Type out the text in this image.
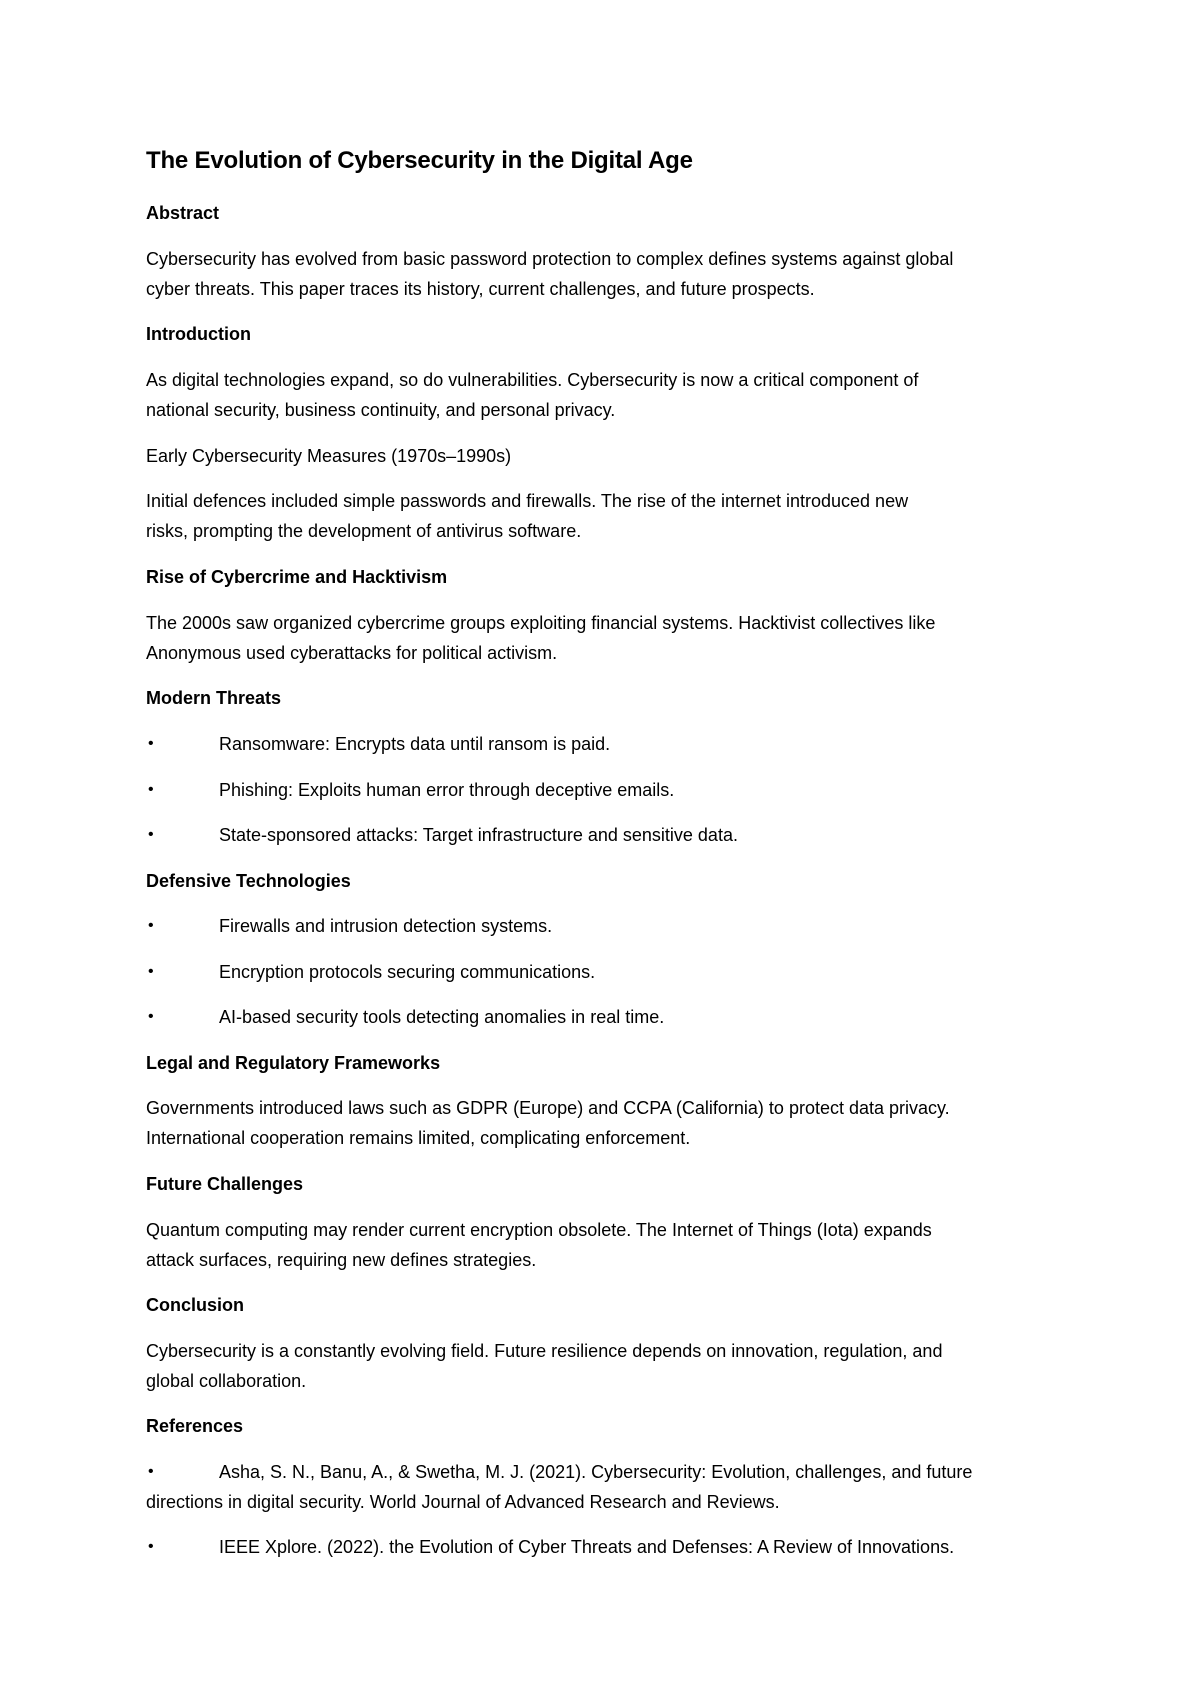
The Evolution of Cybersecurity in the Digital Age
Abstract
Cybersecurity has evolved from basic password protection to complex defines systems against global
cyber threats. This paper traces its history, current challenges, and future prospects.
Introduction
As digital technologies expand, so do vulnerabilities. Cybersecurity is now a critical component of
national security, business continuity, and personal privacy.
Early Cybersecurity Measures (1970s–1990s)
Initial defences included simple passwords and firewalls. The rise of the internet introduced new
risks, prompting the development of antivirus software.
Rise of Cybercrime and Hacktivism
The 2000s saw organized cybercrime groups exploiting financial systems. Hacktivist collectives like
Anonymous used cyberattacks for political activism.
Modern Threats
•	Ransomware: Encrypts data until ransom is paid.
•	Phishing: Exploits human error through deceptive emails.
•	State-sponsored attacks: Target infrastructure and sensitive data.
Defensive Technologies
•	Firewalls and intrusion detection systems.
•	Encryption protocols securing communications.
•	AI-based security tools detecting anomalies in real time.
Legal and Regulatory Frameworks
Governments introduced laws such as GDPR (Europe) and CCPA (California) to protect data privacy.
International cooperation remains limited, complicating enforcement.
Future Challenges
Quantum computing may render current encryption obsolete. The Internet of Things (Iota) expands
attack surfaces, requiring new defines strategies.
Conclusion
Cybersecurity is a constantly evolving field. Future resilience depends on innovation, regulation, and
global collaboration.
References
•	Asha, S. N., Banu, A., & Swetha, M. J. (2021). Cybersecurity: Evolution, challenges, and future
directions in digital security. World Journal of Advanced Research and Reviews.
•	IEEE Xplore. (2022). the Evolution of Cyber Threats and Defenses: A Review of Innovations.
